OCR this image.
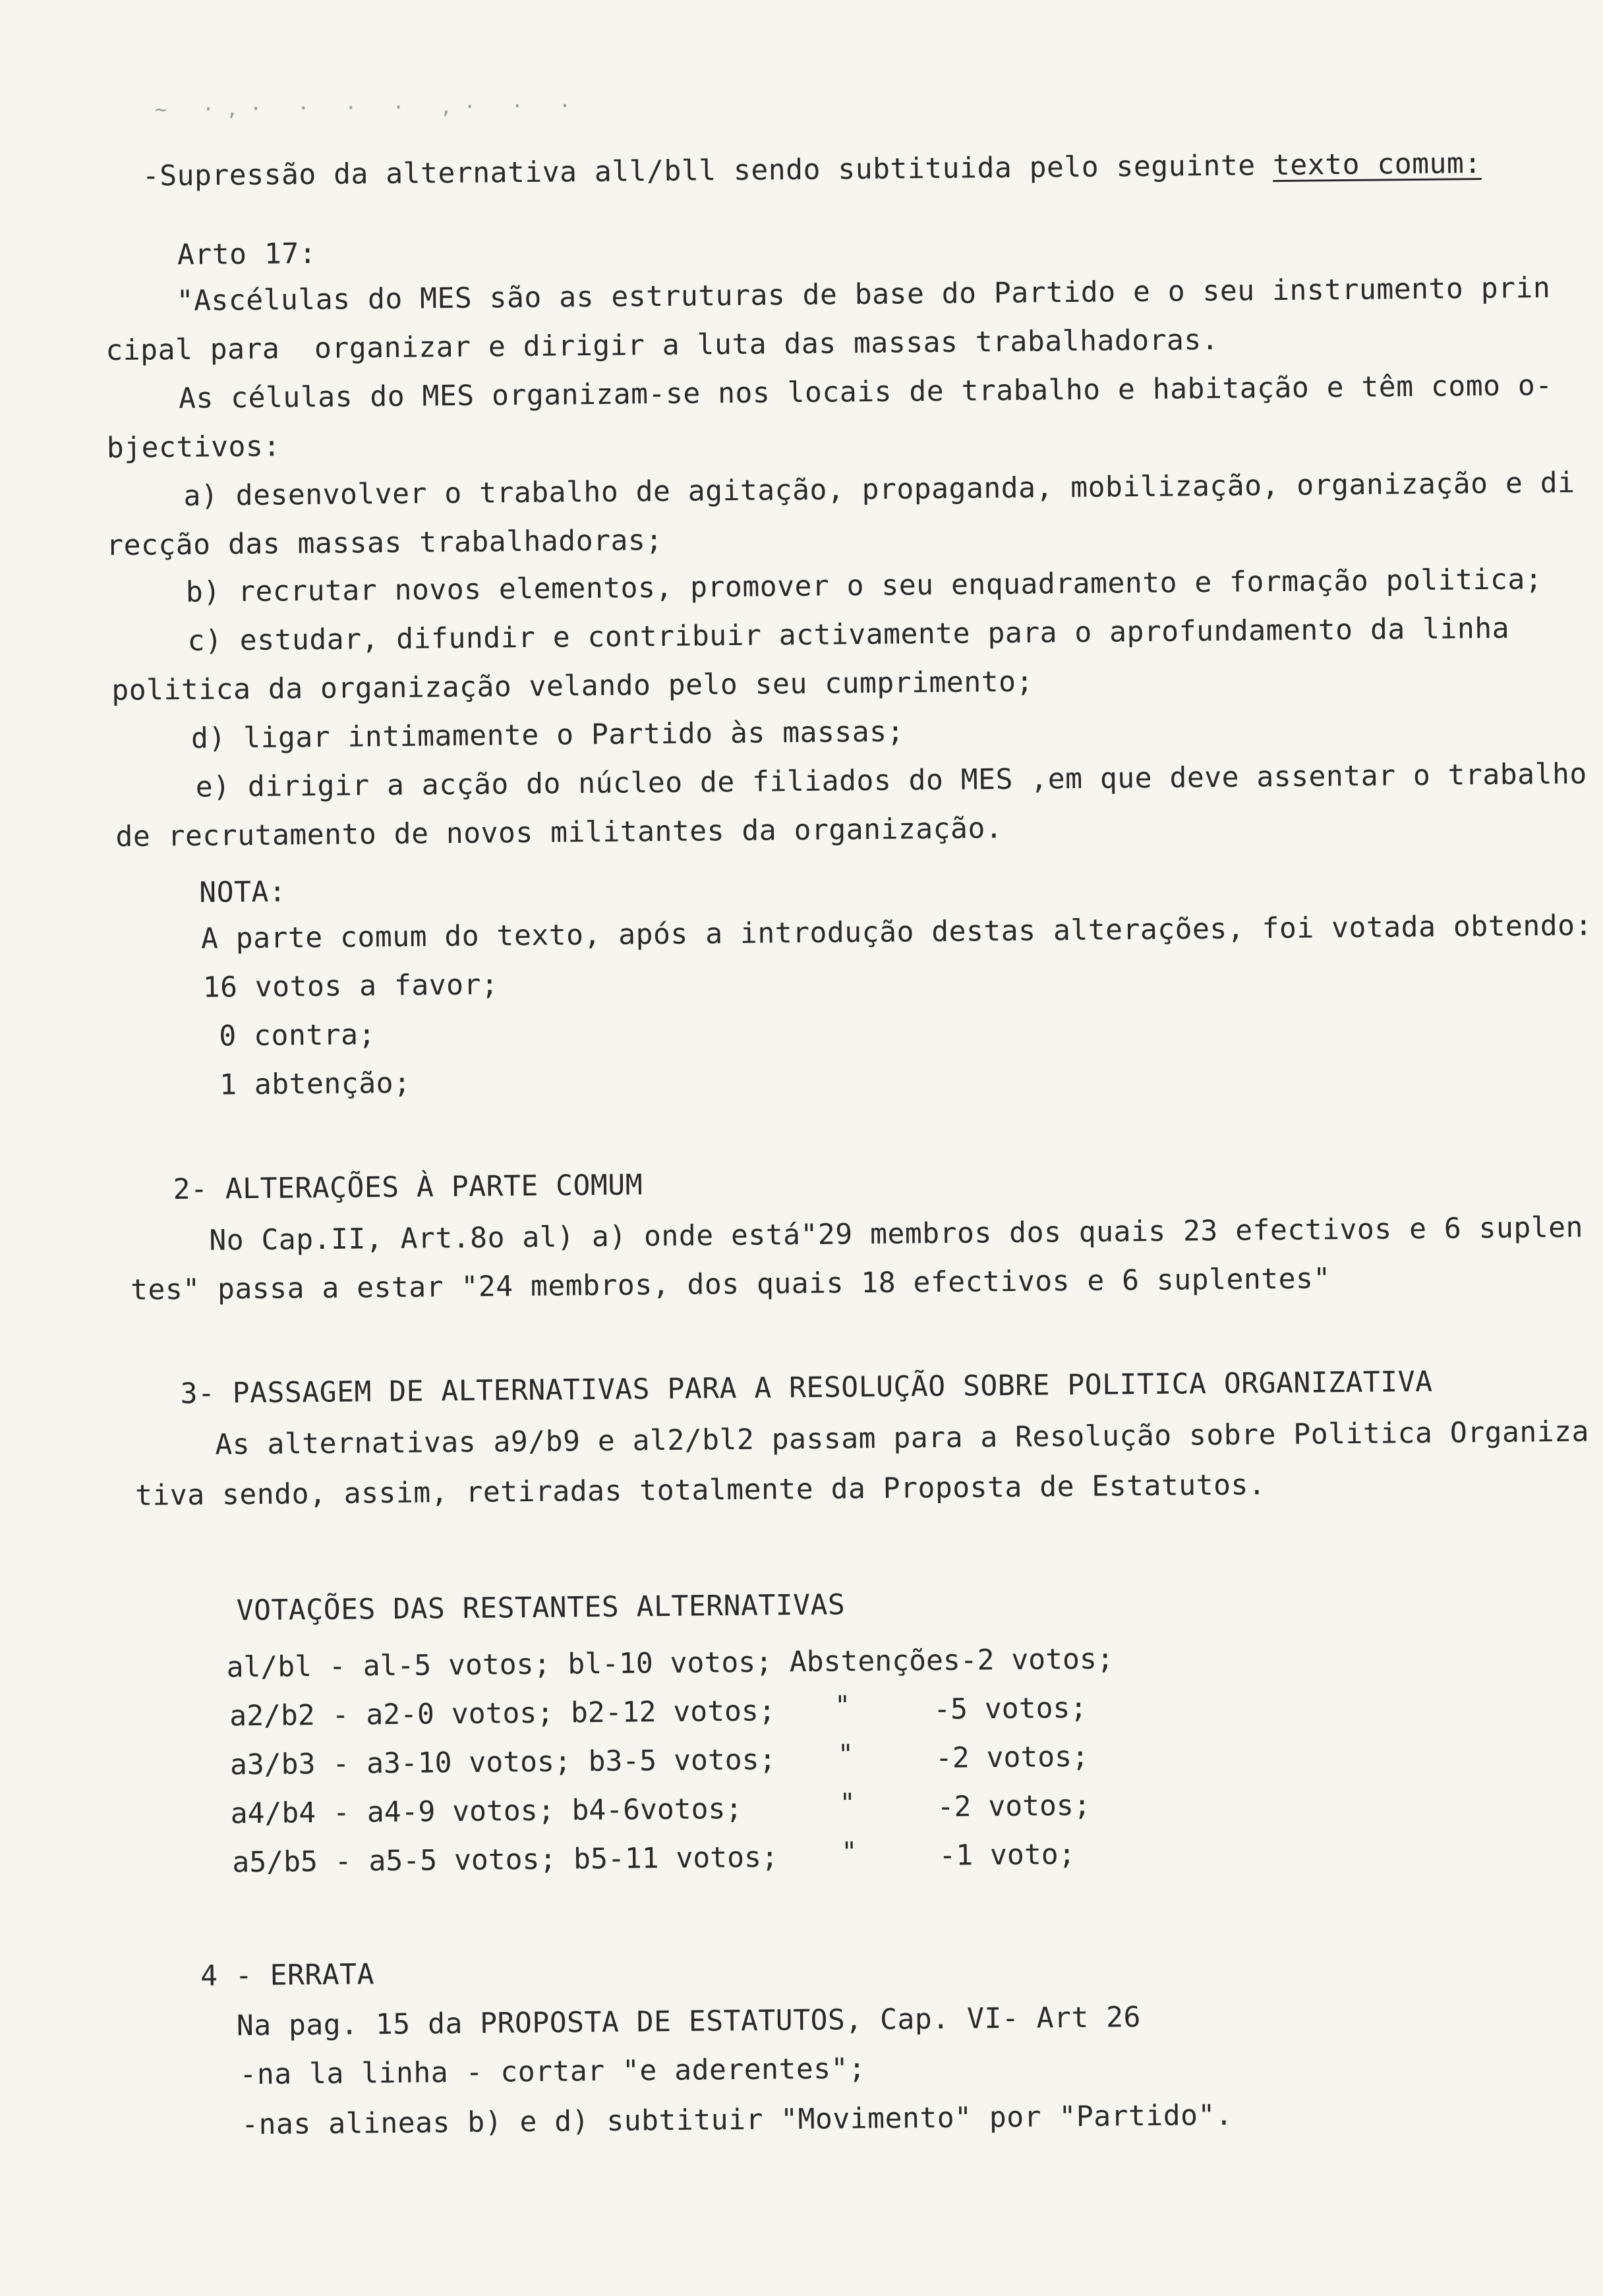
~ ·,· · · · ,· · ·
-Supressão da alternativa all/bll sendo subtituida pelo seguinte texto comum:
Arto 17:
"Ascélulas do MES são as estruturas de base do Partido e o seu instrumento prin
cipal para  organizar e dirigir a luta das massas trabalhadoras.
As células do MES organizam-se nos locais de trabalho e habitação e têm como o-
bjectivos:
a) desenvolver o trabalho de agitação, propaganda, mobilização, organização e di
recção das massas trabalhadoras;
b) recrutar novos elementos, promover o seu enquadramento e formação politica;
c) estudar, difundir e contribuir activamente para o aprofundamento da linha
politica da organização velando pelo seu cumprimento;
d) ligar intimamente o Partido às massas;
e) dirigir a acção do núcleo de filiados do MES ,em que deve assentar o trabalho
de recrutamento de novos militantes da organização.
NOTA:
A parte comum do texto, após a introdução destas alterações, foi votada obtendo:
16 votos a favor;
0 contra;
1 abtenção;
2- ALTERAÇÕES À PARTE COMUM
No Cap.II, Art.8o al) a) onde está"29 membros dos quais 23 efectivos e 6 suplen
tes" passa a estar "24 membros, dos quais 18 efectivos e 6 suplentes"
3- PASSAGEM DE ALTERNATIVAS PARA A RESOLUÇÃO SOBRE POLITICA ORGANIZATIVA
As alternativas a9/b9 e al2/bl2 passam para a Resolução sobre Politica Organiza
tiva sendo, assim, retiradas totalmente da Proposta de Estatutos.
VOTAÇÕES DAS RESTANTES ALTERNATIVAS
al/bl - al-5 votos; bl-10 votos; Abstenções-2 votos;
a2/b2 - a2-0 votos; b2-12 votos; "	-5 votos;
a3/b3 - a3-10 votos; b3-5 votos; "	-2 votos;
a4/b4 - a4-9 votos; b4-6votos;	"	-2 votos;
a5/b5 - a5-5 votos; b5-11 votos; "	-1 voto;
4 - ERRATA
Na pag. 15 da PROPOSTA DE ESTATUTOS, Cap. VI- Art 26
-na la linha - cortar "e aderentes";
-nas alineas b) e d) subtituir "Movimento" por "Partido".
